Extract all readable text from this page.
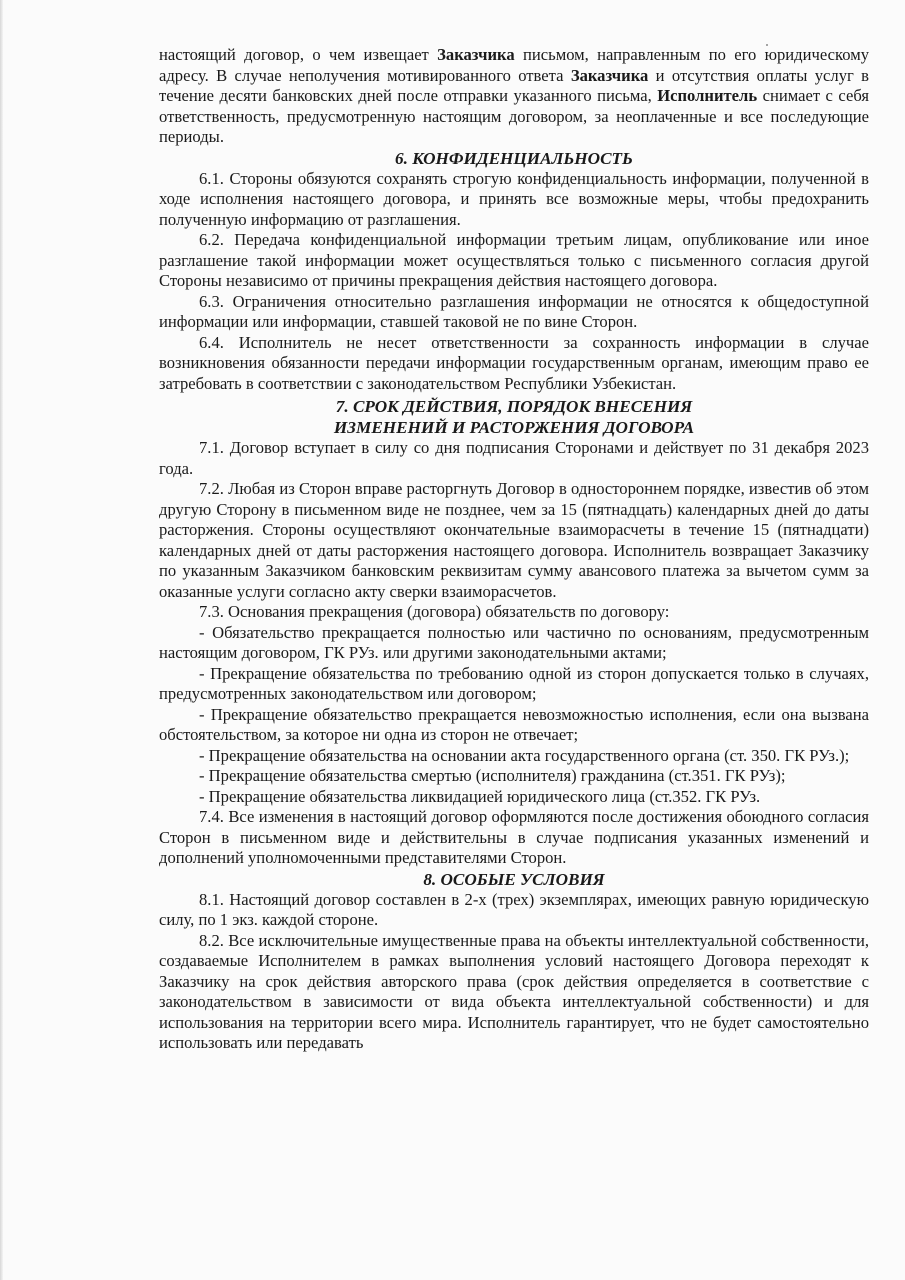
настоящий договор, о чем извещает Заказчика письмом, направленным по его юридическому адресу. В случае неполучения мотивированного ответа Заказчика и отсутствия оплаты услуг в течение десяти банковских дней после отправки указанного письма, Исполнитель снимает с себя ответственность, предусмотренную настоящим договором, за неоплаченные и все последующие периоды.

6. КОНФИДЕНЦИАЛЬНОСТЬ

6.1. Стороны обязуются сохранять строгую конфиденциальность информации, полученной в ходе исполнения настоящего договора, и принять все возможные меры, чтобы предохранить полученную информацию от разглашения.

6.2. Передача конфиденциальной информации третьим лицам, опубликование или иное разглашение такой информации может осуществляться только с письменного согласия другой Стороны независимо от причины прекращения действия настоящего договора.

6.3. Ограничения относительно разглашения информации не относятся к общедоступной информации или информации, ставшей таковой не по вине Сторон.

6.4. Исполнитель не несет ответственности за сохранность информации в случае возникновения обязанности передачи информации государственным органам, имеющим право ее затребовать в соответствии с законодательством Республики Узбекистан.

7. СРОК ДЕЙСТВИЯ, ПОРЯДОК ВНЕСЕНИЯ
ИЗМЕНЕНИЙ И РАСТОРЖЕНИЯ ДОГОВОРА

7.1. Договор вступает в силу со дня подписания Сторонами и действует по 31 декабря 2023 года.

7.2. Любая из Сторон вправе расторгнуть Договор в одностороннем порядке, известив об этом другую Сторону в письменном виде не позднее, чем за 15 (пятнадцать) календарных дней до даты расторжения. Стороны осуществляют окончательные взаиморасчеты в течение 15 (пятнадцати) календарных дней от даты расторжения настоящего договора. Исполнитель возвращает Заказчику по указанным Заказчиком банковским реквизитам сумму авансового платежа за вычетом сумм за оказанные услуги согласно акту сверки взаиморасчетов.

7.3. Основания прекращения (договора) обязательств по договору:

- Обязательство прекращается полностью или частично по основаниям, предусмотренным настоящим договором, ГК РУз. или другими законодательными актами;

- Прекращение обязательства по требованию одной из сторон допускается только в случаях, предусмотренных законодательством или договором;

- Прекращение обязательство прекращается невозможностью исполнения, если она вызвана обстоятельством, за которое ни одна из сторон не отвечает;

- Прекращение обязательства на основании акта государственного органа (ст. 350. ГК РУз.);

- Прекращение обязательства смертью (исполнителя) гражданина (ст.351. ГК РУз);

- Прекращение обязательства ликвидацией юридического лица (ст.352. ГК РУз.

7.4. Все изменения в настоящий договор оформляются после достижения обоюдного согласия Сторон в письменном виде и действительны в случае подписания указанных изменений и дополнений уполномоченными представителями Сторон.

8. ОСОБЫЕ УСЛОВИЯ

8.1. Настоящий договор составлен в 2-х (трех) экземплярах, имеющих равную юридическую силу, по 1 экз. каждой стороне.

8.2. Все исключительные имущественные права на объекты интеллектуальной собственности, создаваемые Исполнителем в рамках выполнения условий настоящего Договора переходят к Заказчику на срок действия авторского права (срок действия определяется в соответствие с законодательством в зависимости от вида объекта интеллектуальной собственности) и для использования на территории всего мира. Исполнитель гарантирует, что не будет самостоятельно использовать или передавать
